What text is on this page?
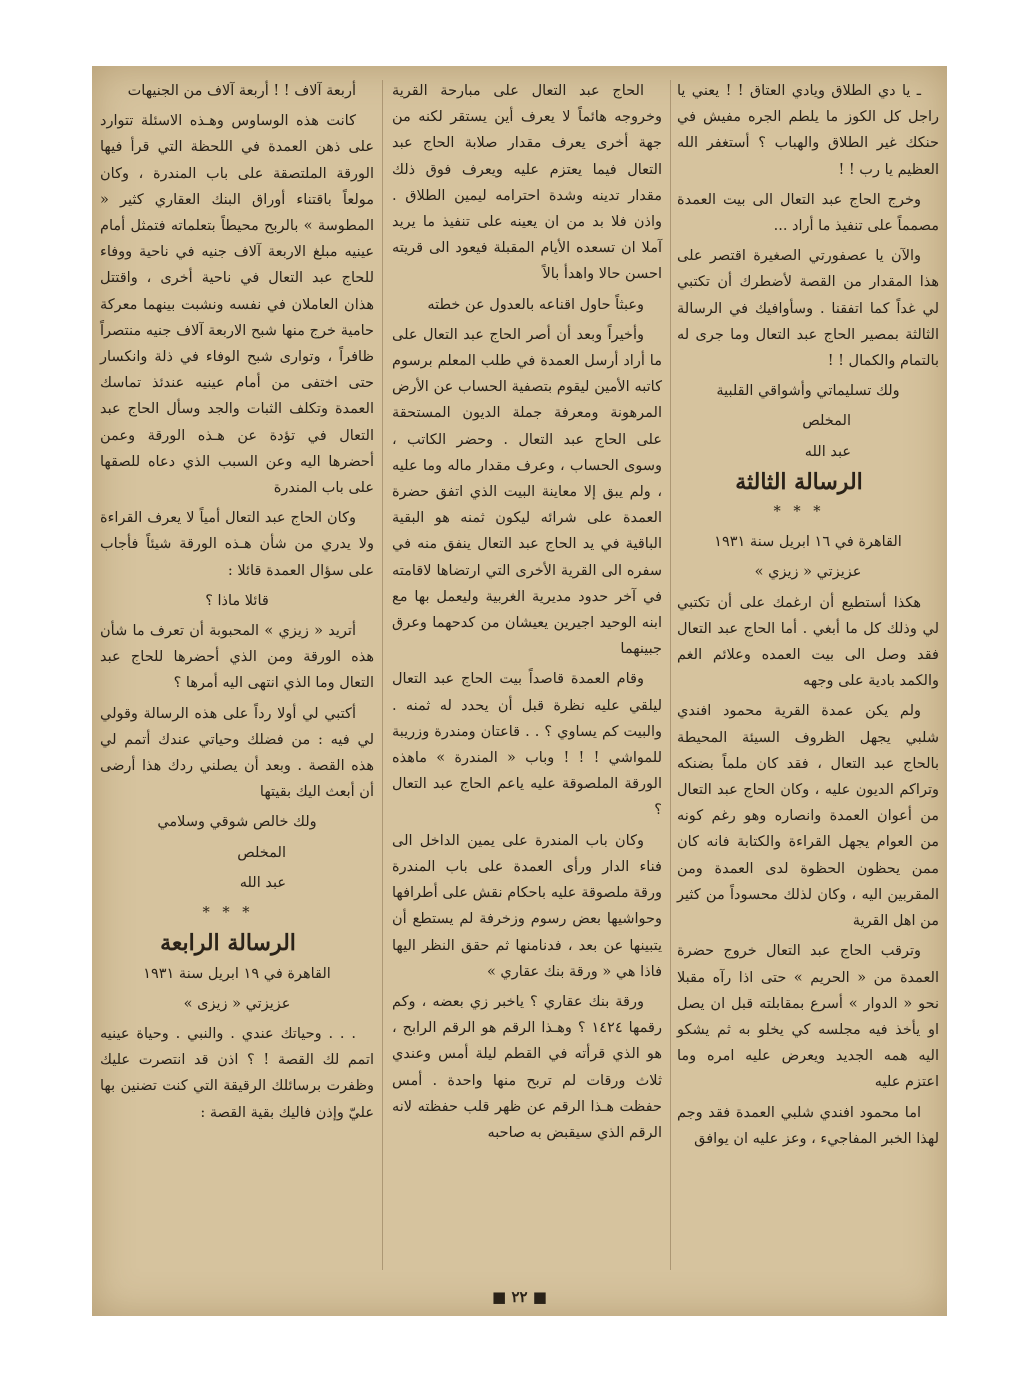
ـ يا دي الطلاق ويادي العتاق ! ! يعني يا راجل كل الكوز ما يلطم الجره مفيش في حنكك غير الطلاق والهباب ؟ أستغفر الله العظيم يا رب ! !

وخرج الحاج عبد التعال الى بيت العمدة مصمماً على تنفيذ ما أراد ...

والآن يا عصفورتي الصغيرة اقتصر على هذا المقدار من القصة لأضطرك أن تكتبي لي غداً كما اتفقنا . وسأوافيك في الرسالة الثالثة بمصير الحاج عبد التعال وما جرى له بالتمام والكمال ! !

ولك تسليماتي وأشواقي القلبية

المخلص

عبد الله

الرسالة الثالثة

* * *

القاهرة في ١٦ ابريل سنة ١٩٣١

عزيزتي « زيزي »

هكذا أستطيع أن ارغمك على أن تكتبي لي وذلك كل ما أبغي . أما الحاج عبد التعال فقد وصل الى بيت العمده وعلائم الغم والكمد بادية على وجهه

ولم يكن عمدة القرية محمود افندي شلبي يجهل الظروف السيئة المحيطة بالحاج عبد التعال ، فقد كان ملماً بضنكه وتراكم الديون عليه ، وكان الحاج عبد التعال من أعوان العمدة وانصاره وهو رغم كونه من العوام يجهل القراءة والكتابة فانه كان ممن يحظون الحظوة لدى العمدة ومن المقربين اليه ، وكان لذلك محسوداً من كثير من اهل القرية

وترقب الحاج عبد التعال خروج حضرة العمدة من « الحريم » حتى اذا رآه مقبلا نحو « الدوار » أسرع بمقابلته قبل ان يصل او يأخذ فيه مجلسه كي يخلو به ثم يشكو اليه همه الجديد ويعرض عليه امره وما اعتزم عليه

اما محمود افندي شلبي العمدة فقد وجم لهذا الخبر المفاجيء ، وعز عليه ان يوافق

الحاج عبد التعال على مبارحة القرية وخروجه هائماً لا يعرف أين يستقر لكنه من جهة أخرى يعرف مقدار صلابة الحاج عبد التعال فيما يعتزم عليه ويعرف فوق ذلك مقدار تدينه وشدة احترامه ليمين الطلاق . واذن فلا بد من ان يعينه على تنفيذ ما يريد آملا ان تسعده الأيام المقبلة فيعود الى قريته احسن حالا واهدأ بالاً

وعبثاً حاول اقناعه بالعدول عن خطته

وأخيراً وبعد أن أصر الحاج عبد التعال على ما أراد أرسل العمدة في طلب المعلم برسوم كاتبه الأمين ليقوم بتصفية الحساب عن الأرض المرهونة ومعرفة جملة الديون المستحقة على الحاج عبد التعال . وحضر الكاتب ، وسوى الحساب ، وعرف مقدار ماله وما عليه ، ولم يبق إلا معاينة البيت الذي اتفق حضرة العمدة على شرائه ليكون ثمنه هو البقية الباقية في يد الحاج عبد التعال ينفق منه في سفره الى القرية الأخرى التي ارتضاها لاقامته في آخر حدود مديرية الغربية وليعمل بها مع ابنه الوحيد اجيرين يعيشان من كدحهما وعرق جبينهما

وقام العمدة قاصداً بيت الحاج عبد التعال ليلقي عليه نظرة قبل أن يحدد له ثمنه . والبيت كم يساوي ؟ . . قاعتان ومندرة وزريبة للمواشي ! ! ! وباب « المندرة » ماهذه الورقة الملصوقة عليه ياعم الحاج عبد التعال ؟

وكان باب المندرة على يمين الداخل الى فناء الدار ورأى العمدة على باب المندرة ورقة ملصوقة عليه باحكام نقش على أطرافها وحواشيها بعض رسوم وزخرفة لم يستطع أن يتبينها عن بعد ، فدنامنها ثم حقق النظر اليها فاذا هي « ورقة بنك عقاري »

ورقة بنك عقاري ؟ ياخبر زي بعضه ، وكم رقمها ١٤٢٤ ؟ وهـذا الرقم هو الرقم الرابح ، هو الذي قرأته في القطم ليلة أمس وعندي ثلاث ورقات لم تربح منها واحدة . أمس حفظت هـذا الرقم عن ظهر قلب حفظته لانه الرقم الذي سيقبض به صاحبه

أربعة آلاف ! ! أربعة آلاف من الجنيهات

كانت هذه الوساوس وهـذه الاسئلة تتوارد على ذهن العمدة في اللحظة التي قرأ فيها الورقة الملتصقة على باب المندرة ، وكان مولعاً باقتناء أوراق البنك العقاري كثير « المطوسة » بالربح محيطاً بتعلماته فتمثل أمام عينيه مبلغ الاربعة آلاف جنيه في ناحية ووفاء للحاج عبد التعال في ناحية أخرى ، واقتتل هذان العاملان في نفسه ونشبت بينهما معركة حامية خرج منها شبح الاربعة آلاف جنيه منتصراً ظافراً ، وتوارى شبح الوفاء في ذلة وانكسار حتى اختفى من أمام عينيه عندئذ تماسك العمدة وتكلف الثبات والجد وسأل الحاج عبد التعال في تؤدة عن هـذه الورقة وعمن أحضرها اليه وعن السبب الذي دعاه للصقها على باب المندرة

وكان الحاج عبد التعال أمياً لا يعرف القراءة ولا يدري من شأن هـذه الورقة شيئاً فأجاب على سؤال العمدة قائلا :

قائلا ماذا ؟

أتريد « زيزي » المحبوبة أن تعرف ما شأن هذه الورقة ومن الذي أحضرها للحاج عبد التعال وما الذي انتهى اليه أمرها ؟

أكتبي لي أولا رداً على هذه الرسالة وقولي لي فيه : من فضلك وحياتي عندك أتمم لي هذه القصة . وبعد أن يصلني ردك هذا أرضى أن أبعث اليك بقيتها

ولك خالص شوقي وسلامي

المخلص

عبد الله

* * *

الرسالة الرابعة

القاهرة في ١٩ ابريل سنة ١٩٣١

عزيزتي « زيزى »

. . . وحياتك عندي . والنبي . وحياة عينيه اتمم لك القصة ! ؟ اذن قد انتصرت عليك وظفرت برسائلك الرقيقة التي كنت تضنين بها عليّ وإذن فاليك بقية القصة :

■ ٢٢ ■
